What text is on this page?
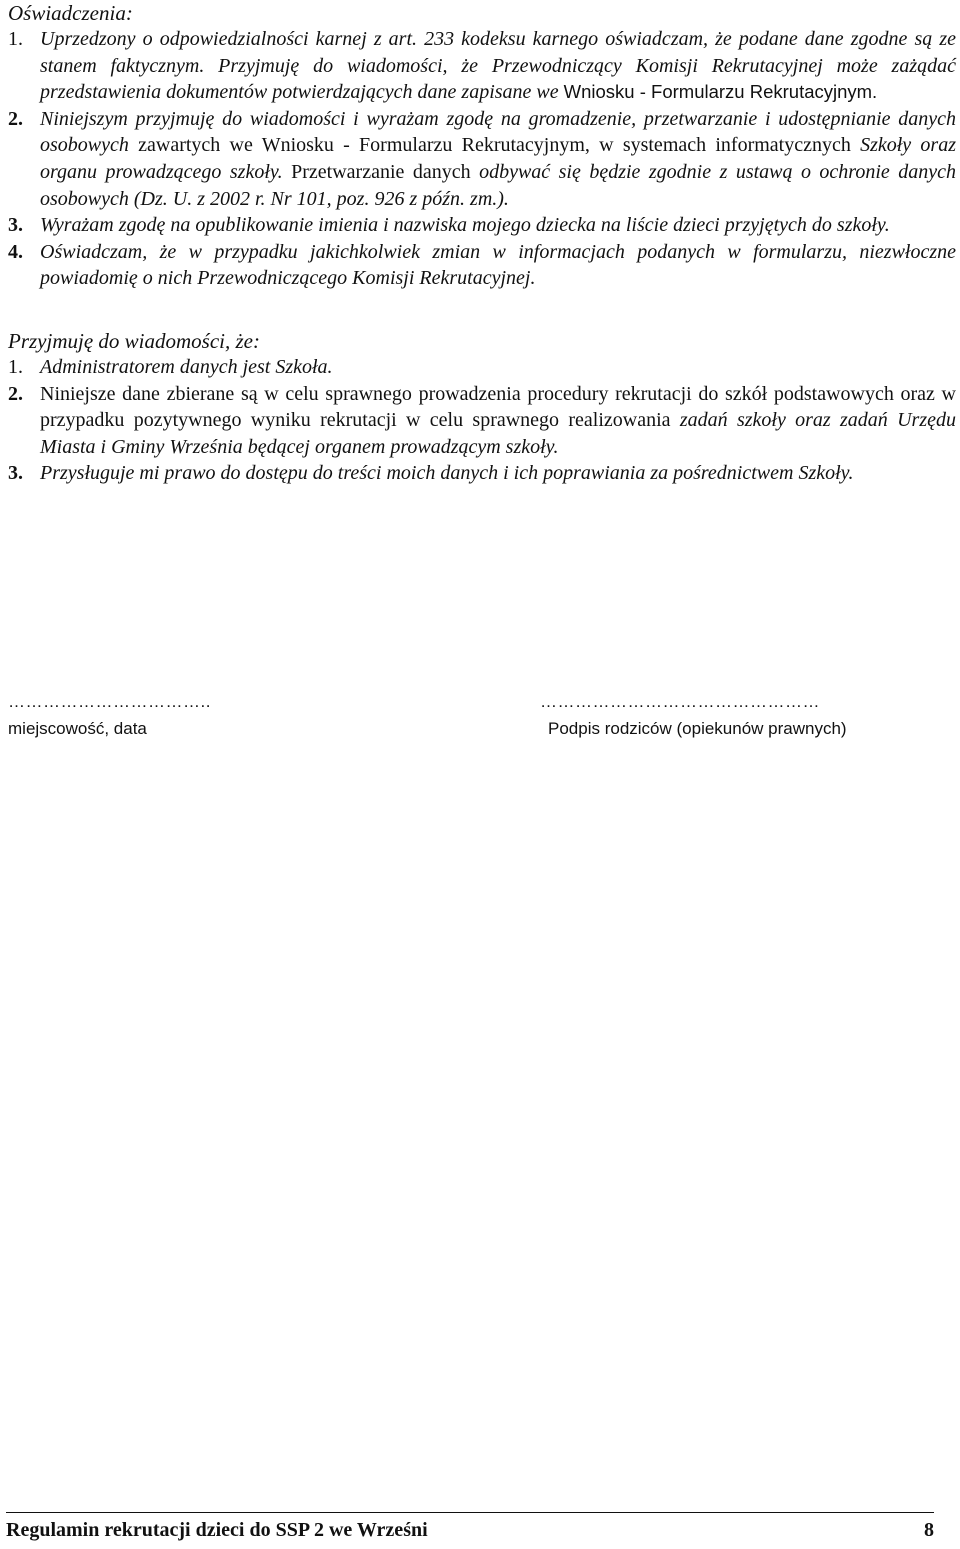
Oświadczenia:

1. Uprzedzony o odpowiedzialności karnej z art. 233 kodeksu karnego oświadczam, że podane dane zgodne są ze stanem faktycznym. Przyjmuję do wiadomości, że Przewodniczący Komisji Rekrutacyjnej może zażądać przedstawienia dokumentów potwierdzających dane zapisane we Wniosku - Formularzu Rekrutacyjnym.

2. Niniejszym przyjmuję do wiadomości i wyrażam zgodę na gromadzenie, przetwarzanie i udostępnianie danych osobowych zawartych we Wniosku - Formularzu Rekrutacyjnym, w systemach informatycznych Szkoły oraz organu prowadzącego szkoły. Przetwarzanie danych odbywać się będzie zgodnie z ustawą o ochronie danych osobowych (Dz. U. z 2002 r. Nr 101, poz. 926 z późn. zm.).

3. Wyrażam zgodę na opublikowanie imienia i nazwiska mojego dziecka na liście dzieci przyjętych do szkoły.

4. Oświadczam, że w przypadku jakichkolwiek zmian w informacjach podanych w formularzu, niezwłoczne powiadomię o nich Przewodniczącego Komisji Rekrutacyjnej.

Przyjmuję do wiadomości, że:

1. Administratorem danych jest Szkoła.

2. Niniejsze dane zbierane są w celu sprawnego prowadzenia procedury rekrutacji do szkół podstawowych oraz w przypadku pozytywnego wyniku rekrutacji w celu sprawnego realizowania zadań szkoły oraz zadań Urzędu Miasta i Gminy Września będącej organem prowadzącym szkoły.

3. Przysługuje mi prawo do dostępu do treści moich danych i ich poprawiania za pośrednictwem Szkoły.

……………………………..
miejscowość, data
…………………………………………
Podpis rodziców (opiekunów prawnych)
Regulamin rekrutacji dzieci do SSP 2 we Wrześni	8
